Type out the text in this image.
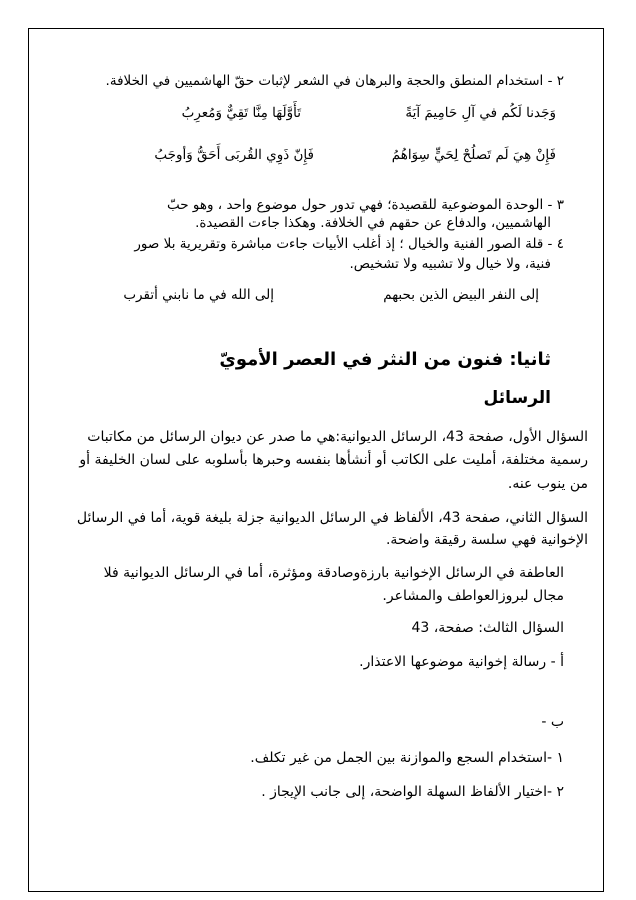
٢ - استخدام المنطق والحجة والبرهان في الشعر لإثبات حقّ الهاشميين في الخلافة.
وَجَدنا لَكُم في آلِ حَامِيمَ آيَةً
تَأَوَّلَهَا مِنَّا تَقِيٌّ وَمُعرِبُ
فَإِنْ هِيَ لَم تَصلُحْ لِحَيٍّ سِوَاهُمُ
فَإِنّ ذَوِي القُربَى أَحَقُّ وَأوجَبُ
٣ - الوحدة الموضوعية للقصيدة؛ فهي تدور حول موضوع واحد ، وهو حبّ
الهاشميين، والدفاع عن حقهم في الخلافة. وهكذا جاءت القصيدة.
٤ - قلة الصور الفنية والخيال ؛ إذ أغلب الأبيات جاءت مباشرة وتقريرية بلا صور
فنية، ولا خيال ولا تشبيه ولا تشخيص.
إلى النفر البيض الذين بحبهم
إلى الله في ما نابني أتقرب
ثانيا: فنون من النثر في العصر الأمويّ
الرسائل
السؤال الأول، صفحة 43، الرسائل الديوانية:هي ما صدر عن ديوان الرسائل من مكاتبات
رسمية مختلفة، أمليت على الكاتب أو أنشأها بنفسه وحبرها بأسلوبه على لسان الخليفة أو
من ينوب عنه.
السؤال الثاني، صفحة 43، الألفاظ في الرسائل الديوانية جزلة بليغة قوية، أما في الرسائل
الإخوانية فهي سلسة رقيقة واضحة.
العاطفة في الرسائل الإخوانية بارزةوصادقة ومؤثرة، أما في الرسائل الديوانية فلا
مجال لبروزالعواطف والمشاعر.
السؤال الثالث: صفحة، 43
أ - رسالة إخوانية موضوعها الاعتذار.
ب -
١ -استخدام السجع والموازنة بين الجمل من غير تكلف.
٢ -اختيار الألفاظ السهلة الواضحة، إلى جانب الإيجاز .
